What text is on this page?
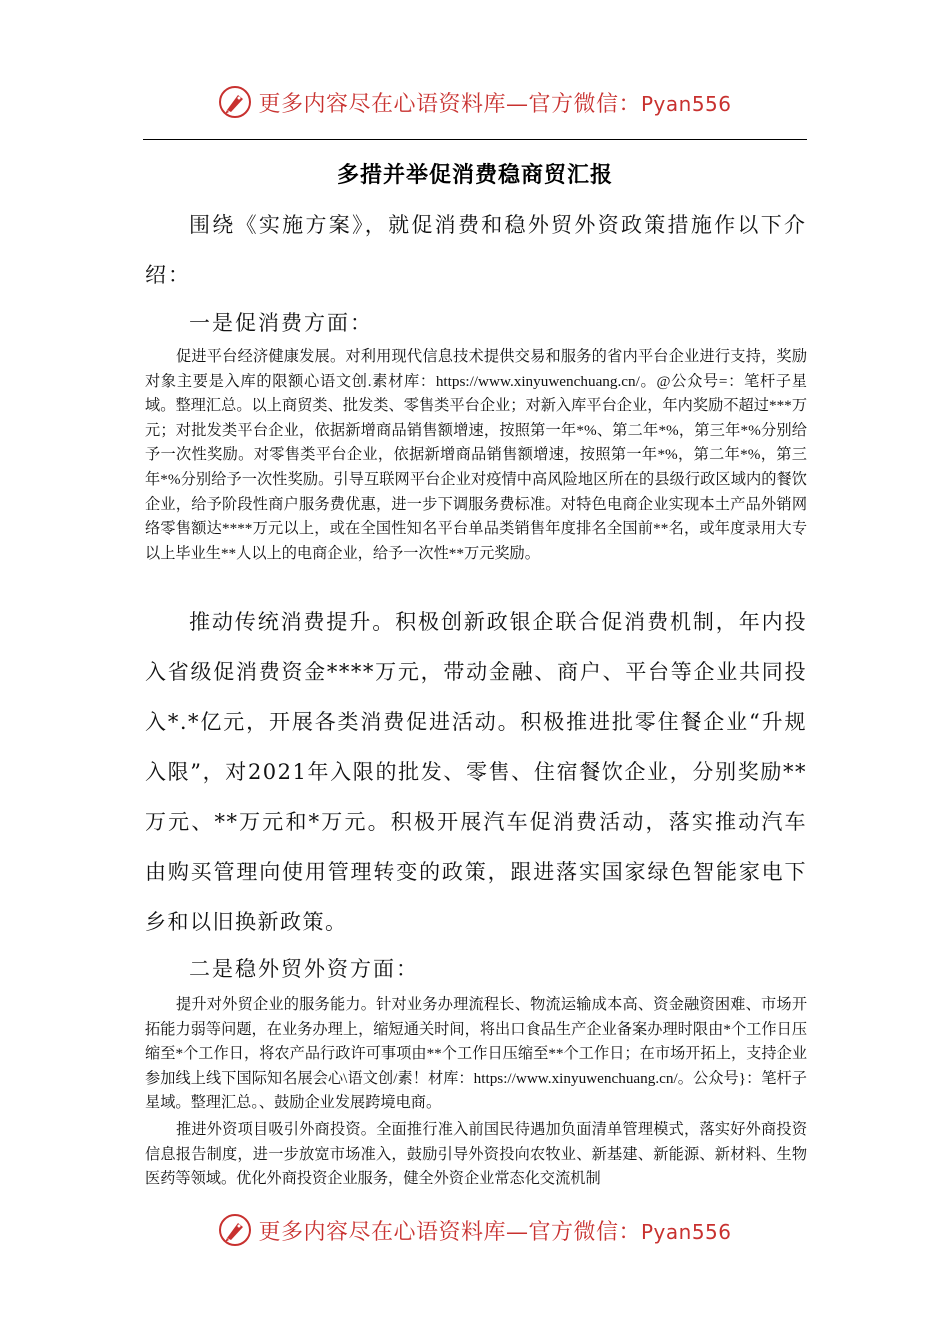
更多内容尽在心语资料库—官方微信：Pyan556
多措并举促消费稳商贸汇报
围绕《实施方案》，就促消费和稳外贸外资政策措施作以下介绍：
一是促消费方面：
促进平台经济健康发展。对利用现代信息技术提供交易和服务的省内平台企业进行支持，奖励对象主要是入库的限额心语文创.素材库：https://www.xinyuwenchuang.cn/。@公众号=：笔杆子星域。整理汇总。以上商贸类、批发类、零售类平台企业；对新入库平台企业，年内奖励不超过***万元；对批发类平台企业，依据新增商品销售额增速，按照第一年*%、第二年*%，第三年*%分别给予一次性奖励。对零售类平台企业，依据新增商品销售额增速，按照第一年*%，第二年*%，第三年*%分别给予一次性奖励。引导互联网平台企业对疫情中高风险地区所在的县级行政区域内的餐饮企业，给予阶段性商户服务费优惠，进一步下调服务费标准。对特色电商企业实现本土产品外销网络零售额达****万元以上，或在全国性知名平台单品类销售年度排名全国前**名，或年度录用大专以上毕业生**人以上的电商企业，给予一次性**万元奖励。
推动传统消费提升。积极创新政银企联合促消费机制，年内投入省级促消费资金****万元，带动金融、商户、平台等企业共同投入*.*亿元，开展各类消费促进活动。积极推进批零住餐企业“升规入限”，对2021年入限的批发、零售、住宿餐饮企业，分别奖励**万元、**万元和*万元。积极开展汽车促消费活动，落实推动汽车由购买管理向使用管理转变的政策，跟进落实国家绿色智能家电下乡和以旧换新政策。
二是稳外贸外资方面：
提升对外贸企业的服务能力。针对业务办理流程长、物流运输成本高、资金融资困难、市场开拓能力弱等问题，在业务办理上，缩短通关时间，将出口食品生产企业备案办理时限由*个工作日压缩至*个工作日，将农产品行政许可事项由**个工作日压缩至**个工作日；在市场开拓上，支持企业参加线上线下国际知名展会心\语文创/素！材库：https://www.xinyuwenchuang.cn/。公众号}：笔杆子星域。整理汇总。、鼓励企业发展跨境电商。
推进外资项目吸引外商投资。全面推行准入前国民待遇加负面清单管理模式，落实好外商投资信息报告制度，进一步放宽市场准入，鼓励引导外资投向农牧业、新基建、新能源、新材料、生物医药等领域。优化外商投资企业服务，健全外资企业常态化交流机制
更多内容尽在心语资料库—官方微信：Pyan556
